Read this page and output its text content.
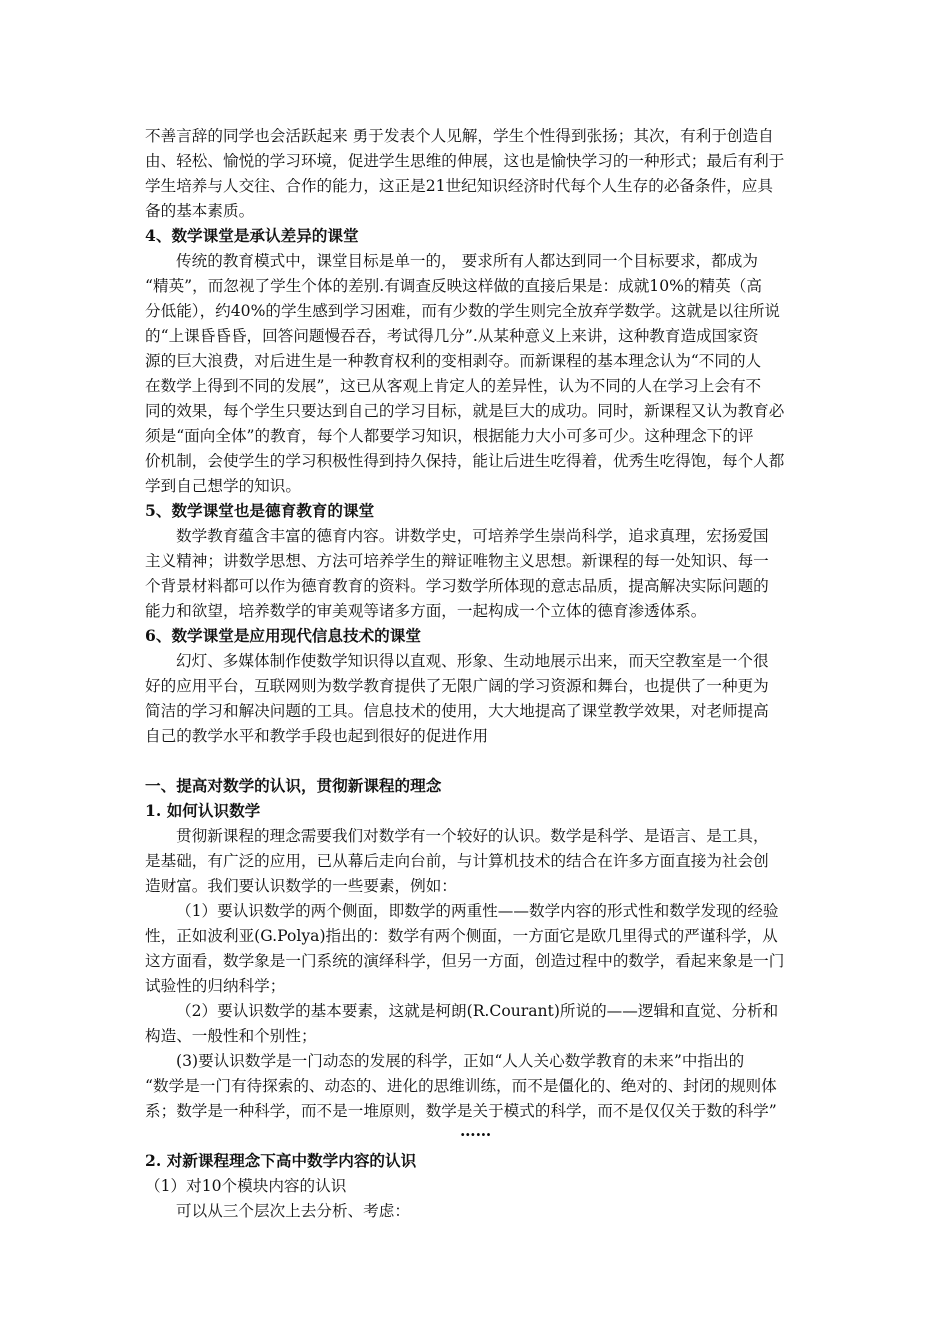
不善言辞的同学也会活跃起来 勇于发表个人见解，学生个性得到张扬；其次，有利于创造自
由、轻松、愉悦的学习环境，促进学生思维的伸展，这也是愉快学习的一种形式；最后有利于
学生培养与人交往、合作的能力，这正是21世纪知识经济时代每个人生存的必备条件，应具
备的基本素质。
4、数学课堂是承认差异的课堂
传统的教育模式中，课堂目标是单一的， 要求所有人都达到同一个目标要求，都成为
“精英”，而忽视了学生个体的差别.有调查反映这样做的直接后果是：成就10%的精英（高
分低能），约40%的学生感到学习困难，而有少数的学生则完全放弃学数学。这就是以往所说
的“上课昏昏昏，回答问题慢吞吞，考试得几分”.从某种意义上来讲，这种教育造成国家资
源的巨大浪费，对后进生是一种教育权利的变相剥夺。而新课程的基本理念认为“不同的人
在数学上得到不同的发展”，这已从客观上肯定人的差异性，认为不同的人在学习上会有不
同的效果，每个学生只要达到自己的学习目标，就是巨大的成功。同时，新课程又认为教育必
须是“面向全体”的教育，每个人都要学习知识，根据能力大小可多可少。这种理念下的评
价机制，会使学生的学习积极性得到持久保持，能让后进生吃得着，优秀生吃得饱，每个人都
学到自己想学的知识。
5、数学课堂也是德育教育的课堂
数学教育蕴含丰富的德育内容。讲数学史，可培养学生崇尚科学，追求真理，宏扬爱国
主义精神；讲数学思想、方法可培养学生的辩证唯物主义思想。新课程的每一处知识、每一
个背景材料都可以作为德育教育的资料。学习数学所体现的意志品质，提高解决实际问题的
能力和欲望，培养数学的审美观等诸多方面，一起构成一个立体的德育渗透体系。
6、数学课堂是应用现代信息技术的课堂
幻灯、多媒体制作使数学知识得以直观、形象、生动地展示出来，而天空教室是一个很
好的应用平台，互联网则为数学教育提供了无限广阔的学习资源和舞台，也提供了一种更为
简洁的学习和解决问题的工具。信息技术的使用，大大地提高了课堂教学效果，对老师提高
自己的教学水平和教学手段也起到很好的促进作用
一、提高对数学的认识，贯彻新课程的理念
1. 如何认识数学
贯彻新课程的理念需要我们对数学有一个较好的认识。数学是科学、是语言、是工具，
是基础，有广泛的应用，已从幕后走向台前，与计算机技术的结合在许多方面直接为社会创
造财富。我们要认识数学的一些要素，例如：
（1）要认识数学的两个侧面，即数学的两重性——数学内容的形式性和数学发现的经验
性，正如波利亚(G.Polya)指出的：数学有两个侧面，一方面它是欧几里得式的严谨科学，从
这方面看，数学象是一门系统的演绎科学，但另一方面，创造过程中的数学，看起来象是一门
试验性的归纳科学；
（2）要认识数学的基本要素，这就是柯朗(R.Courant)所说的——逻辑和直觉、分析和
构造、一般性和个别性；
(3)要认识数学是一门动态的发展的科学，正如“人人关心数学教育的未来”中指出的
“数学是一门有待探索的、动态的、进化的思维训练，而不是僵化的、绝对的、封闭的规则体
系；数学是一种科学，而不是一堆原则，数学是关于模式的科学，而不是仅仅关于数的科学”
……
2. 对新课程理念下高中数学内容的认识
（1）对10个模块内容的认识
可以从三个层次上去分析、考虑：
